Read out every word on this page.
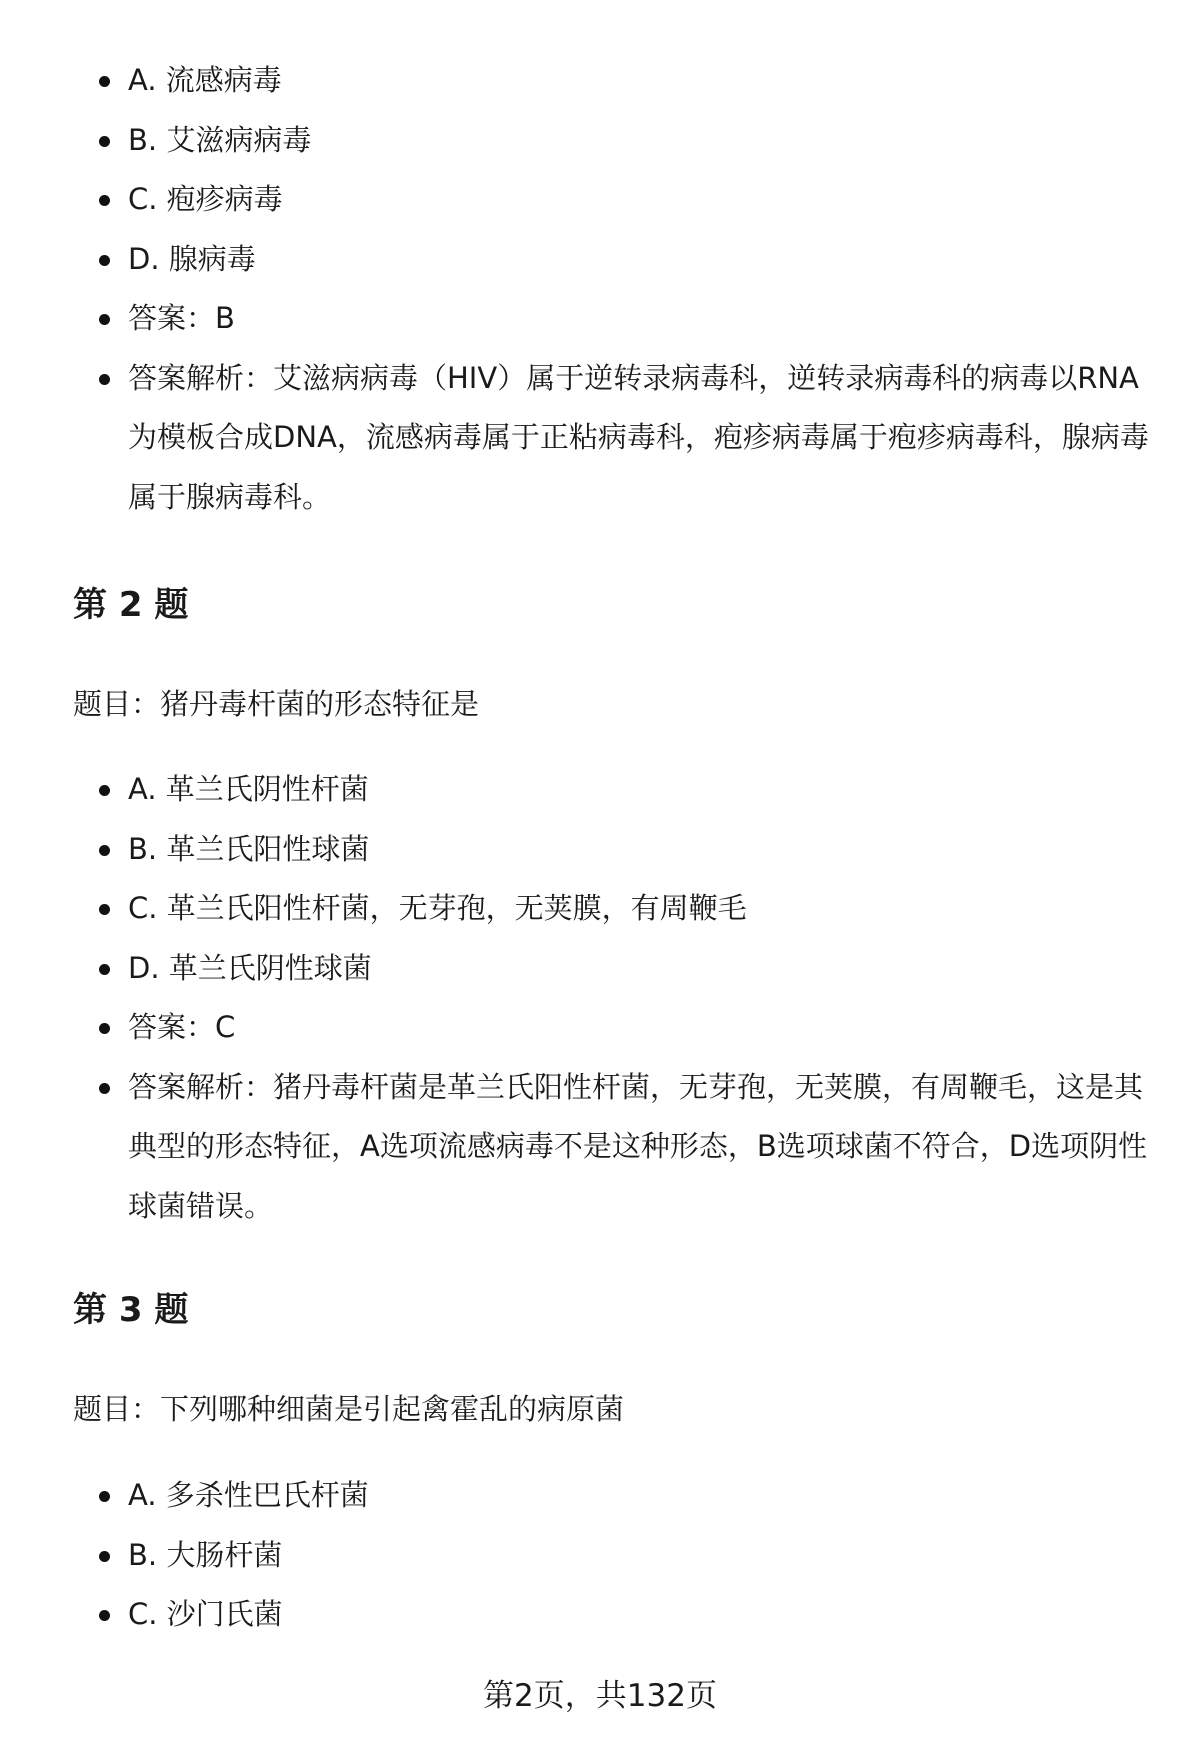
A. 流感病毒
B. 艾滋病病毒
C. 疱疹病毒
D. 腺病毒
答案：B
答案解析：艾滋病病毒（HIV）属于逆转录病毒科，逆转录病毒科的病毒以RNA为模板合成DNA，流感病毒属于正粘病毒科，疱疹病毒属于疱疹病毒科，腺病毒属于腺病毒科。
第 2 题

题目：猪丹毒杆菌的形态特征是

A. 革兰氏阴性杆菌
B. 革兰氏阳性球菌
C. 革兰氏阳性杆菌，无芽孢，无荚膜，有周鞭毛
D. 革兰氏阴性球菌
答案：C
答案解析：猪丹毒杆菌是革兰氏阳性杆菌，无芽孢，无荚膜，有周鞭毛，这是其典型的形态特征，A选项流感病毒不是这种形态，B选项球菌不符合，D选项阴性球菌错误。
第 3 题

题目：下列哪种细菌是引起禽霍乱的病原菌

A. 多杀性巴氏杆菌
B. 大肠杆菌
C. 沙门氏菌
第2页，共132页
